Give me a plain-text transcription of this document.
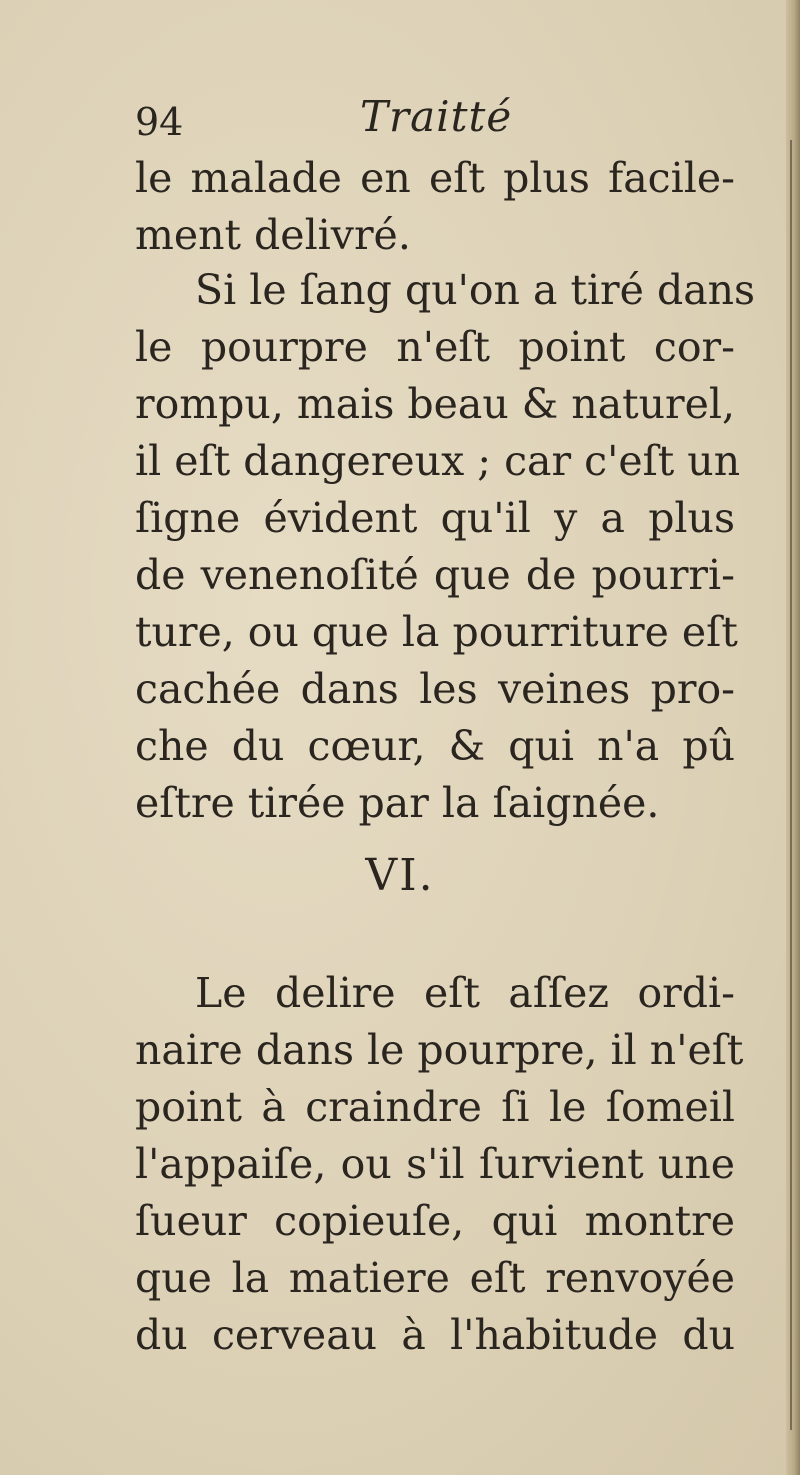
94	Traitté
le malade en eſt plus facile-
ment delivré.
Si le ſang qu'on a tiré dans
le pourpre n'eſt point cor-
rompu, mais beau & naturel,
il eſt dangereux ; car c'eſt un
ſigne évident qu'il y a plus
de venenoſité que de pourri-
ture, ou que la pourriture eſt
cachée dans les veines pro-
che du cœur, & qui n'a pû
eſtre tirée par la ſaignée.
VI.
Le delire eſt aſſez ordi-
naire dans le pourpre, il n'eſt
point à craindre ſi le ſomeil
l'appaiſe, ou s'il ſurvient une
ſueur copieuſe, qui montre
que la matiere eſt renvoyée
du cerveau à l'habitude du
